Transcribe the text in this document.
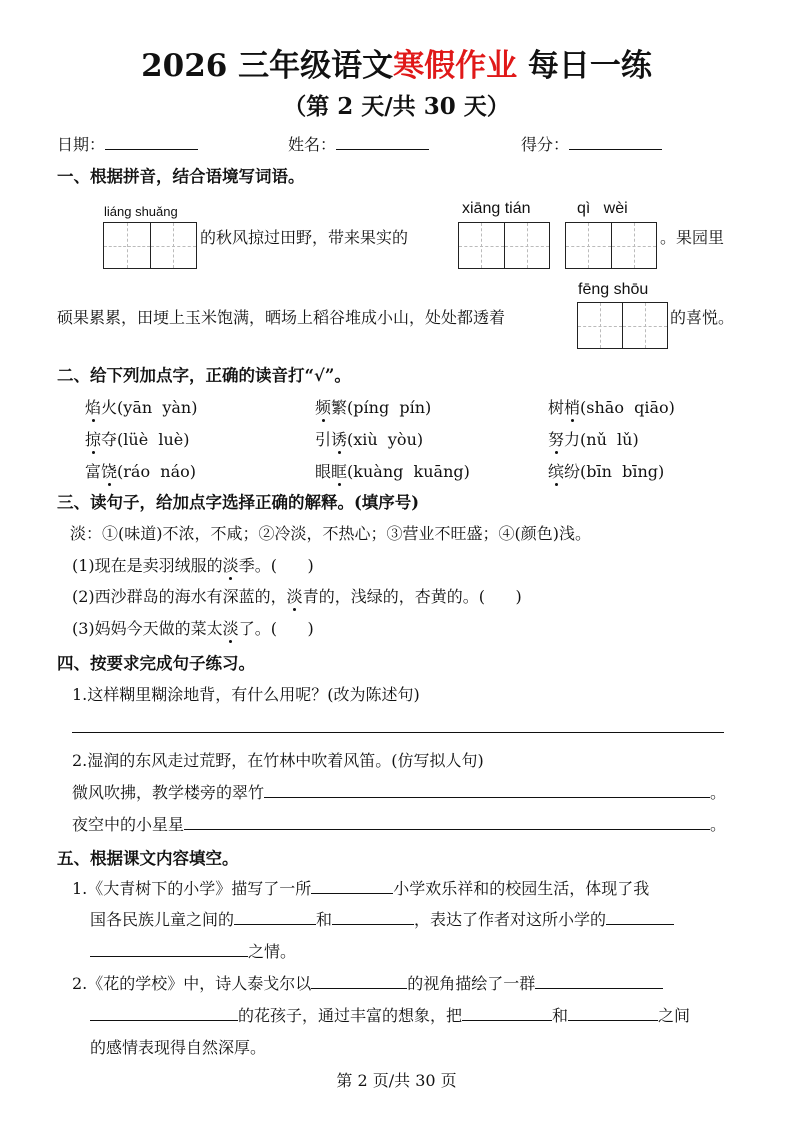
2026 三年级语文寒假作业 每日一练
（第 2 天/共 30 天）
日期：	姓名：	得分：
一、根据拼音，结合语境写词语。
liáng shuǎng
的秋风掠过田野，带来果实的
xiāng tián	qì   wèi
。果园里
硕果累累，田埂上玉米饱满，晒场上稻谷堆成小山，处处都透着
fēng shōu
的喜悦。
二、给下列加点字，正确的读音打“√”。
焰火(yān  yàn)	频繁(píng  pín)	树梢(shāo  qiāo)
掠夺(lüè  luè)	引诱(xiù  yòu)	努力(nǔ  lǔ)
富饶(ráo  náo)	眼眶(kuàng  kuāng)	缤纷(bīn  bīng)
三、读句子，给加点字选择正确的解释。(填序号)
淡：①(味道)不浓，不咸；②冷淡，不热心；③营业不旺盛；④(颜色)浅。
(1)现在是卖羽绒服的淡季。(      )
(2)西沙群岛的海水有深蓝的，淡青的，浅绿的，杏黄的。(      )
(3)妈妈今天做的菜太淡了。(      )
四、按要求完成句子练习。
1.这样糊里糊涂地背，有什么用呢？(改为陈述句)
2.湿润的东风走过荒野，在竹林中吹着风笛。(仿写拟人句)
微风吹拂，教学楼旁的翠竹	。
夜空中的小星星	。
五、根据课文内容填空。
1.《大青树下的小学》描写了一所	小学欢乐祥和的校园生活，体现了我
国各民族儿童之间的	和	，表达了作者对这所小学的
之情。
2.《花的学校》中，诗人泰戈尔以	的视角描绘了一群
的花孩子，通过丰富的想象，把	和	之间
的感情表现得自然深厚。
第 2 页/共 30 页
